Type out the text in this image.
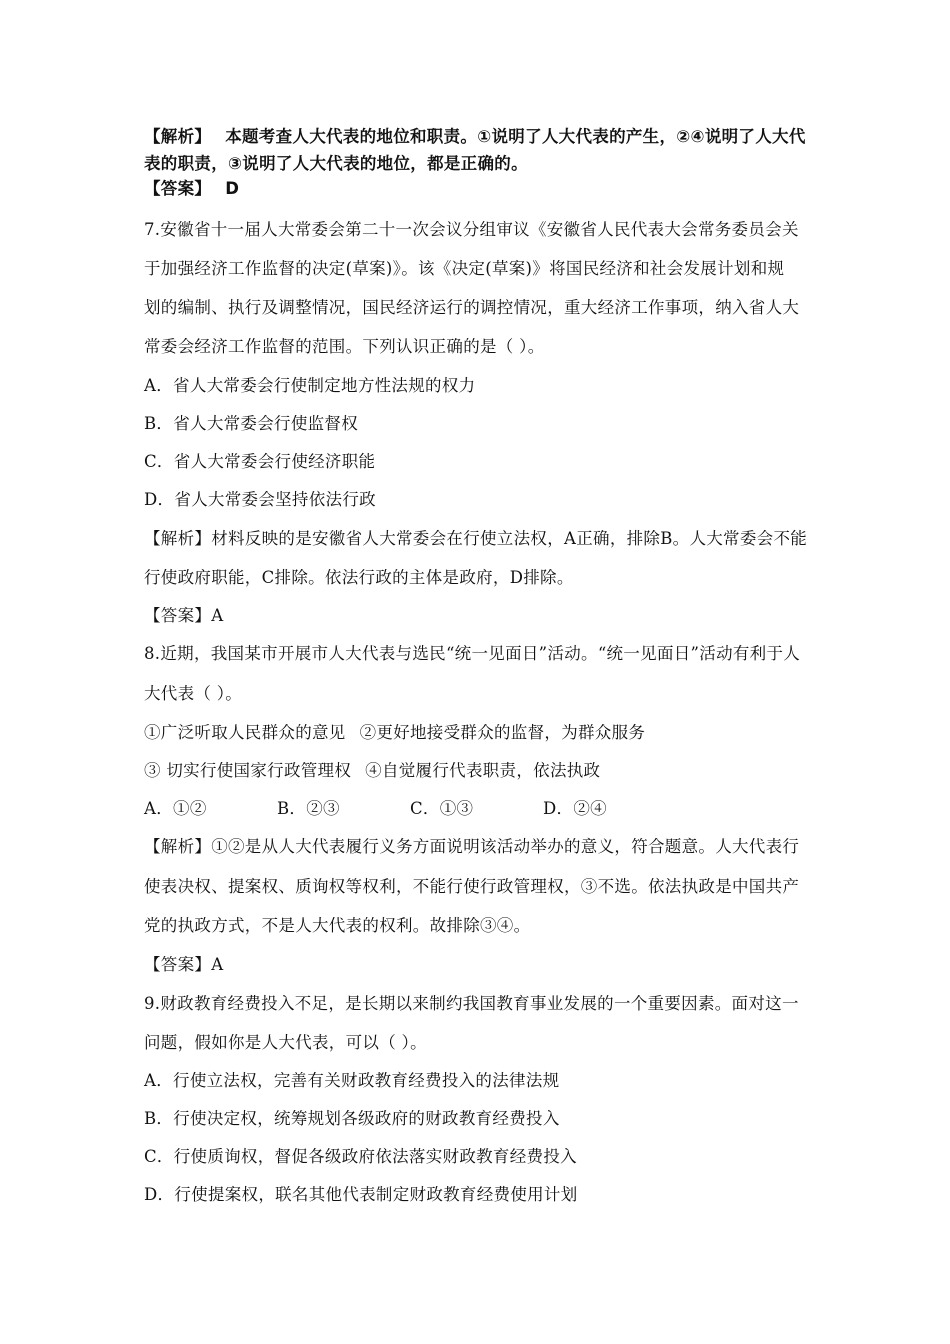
【解析】 本题考查人大代表的地位和职责。①说明了人大代表的产生，②④说明了人大代
表的职责，③说明了人大代表的地位，都是正确的。
【答案】 D
7.安徽省十一届人大常委会第二十一次会议分组审议《安徽省人民代表大会常务委员会关
于加强经济工作监督的决定(草案)》。该《决定(草案)》将国民经济和社会发展计划和规
划的编制、执行及调整情况，国民经济运行的调控情况，重大经济工作事项，纳入省人大
常委会经济工作监督的范围。下列认识正确的是（ ）。
A．省人大常委会行使制定地方性法规的权力
B．省人大常委会行使监督权
C．省人大常委会行使经济职能
D．省人大常委会坚持依法行政
【解析】材料反映的是安徽省人大常委会在行使立法权，A正确，排除B。人大常委会不能
行使政府职能，C排除。依法行政的主体是政府，D排除。
【答案】A
8.近期，我国某市开展市人大代表与选民“统一见面日”活动。“统一见面日”活动有利于人
大代表（ ）。
①广泛听取人民群众的意见 ②更好地接受群众的监督，为群众服务
③ 切实行使国家行政管理权 ④自觉履行代表职责，依法执政
A．①②	B．②③	C．①③	D．②④
【解析】①②是从人大代表履行义务方面说明该活动举办的意义，符合题意。人大代表行
使表决权、提案权、质询权等权利，不能行使行政管理权，③不选。依法执政是中国共产
党的执政方式，不是人大代表的权利。故排除③④。
【答案】A
9.财政教育经费投入不足，是长期以来制约我国教育事业发展的一个重要因素。面对这一
问题，假如你是人大代表，可以（ ）。
A．行使立法权，完善有关财政教育经费投入的法律法规
B．行使决定权，统筹规划各级政府的财政教育经费投入
C．行使质询权，督促各级政府依法落实财政教育经费投入
D．行使提案权，联名其他代表制定财政教育经费使用计划
